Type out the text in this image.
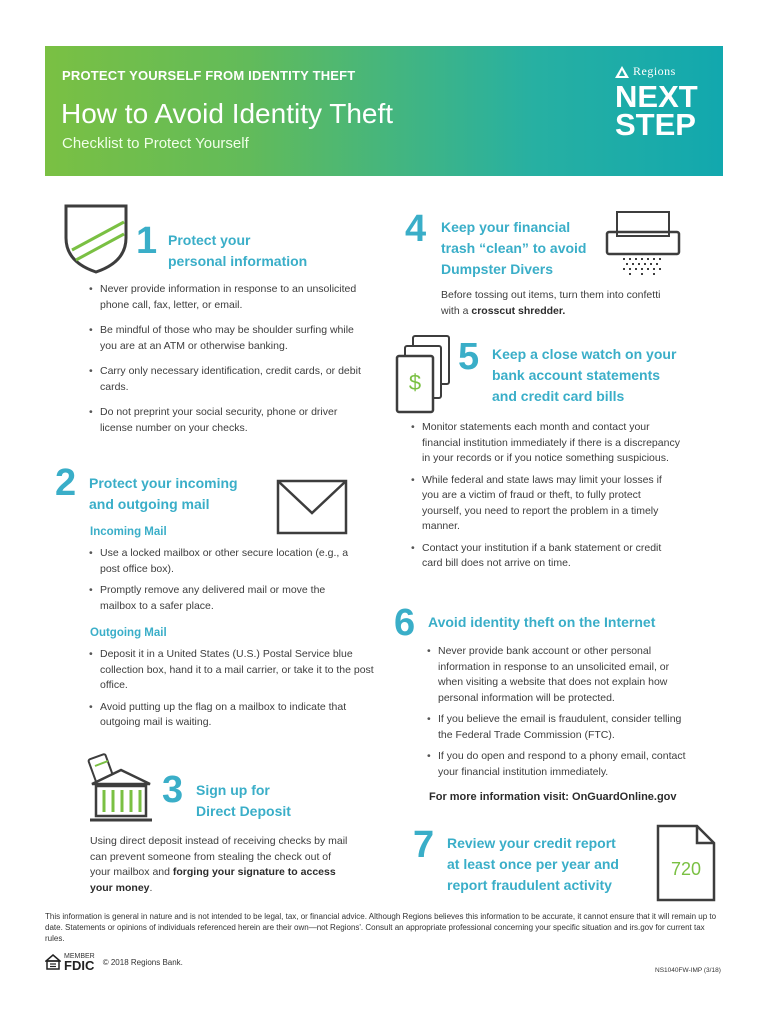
PROTECT YOURSELF FROM IDENTITY THEFT
How to Avoid Identity Theft
Checklist to Protect Yourself
Regions
NEXT
STEP
1 Protect your
personal information
• Never provide information in response to an unsolicited phone call, fax, letter, or email.
• Be mindful of those who may be shoulder surfing while you are at an ATM or otherwise banking.
• Carry only necessary identification, credit cards, or debit cards.
• Do not preprint your social security, phone or driver license number on your checks.
2 Protect your incoming
and outgoing mail
Incoming Mail
• Use a locked mailbox or other secure location (e.g., a post office box).
• Promptly remove any delivered mail or move the mailbox to a safer place.
Outgoing Mail
• Deposit it in a United States (U.S.) Postal Service blue collection box, hand it to a mail carrier, or take it to the post office.
• Avoid putting up the flag on a mailbox to indicate that outgoing mail is waiting.
3 Sign up for
Direct Deposit
Using direct deposit instead of receiving checks by mail can prevent someone from stealing the check out of your mailbox and forging your signature to access your money.
4 Keep your financial
trash “clean” to avoid
Dumpster Divers
Before tossing out items, turn them into confetti with a crosscut shredder.
$
5 Keep a close watch on your
bank account statements
and credit card bills
• Monitor statements each month and contact your financial institution immediately if there is a discrepancy in your records or if you notice something suspicious.
• While federal and state laws may limit your losses if you are a victim of fraud or theft, to fully protect yourself, you need to report the problem in a timely manner.
• Contact your institution if a bank statement or credit card bill does not arrive on time.
6 Avoid identity theft on the Internet
• Never provide bank account or other personal information in response to an unsolicited email, or when visiting a website that does not explain how personal information will be protected.
• If you believe the email is fraudulent, consider telling the Federal Trade Commission (FTC).
• If you do open and respond to a phony email, contact your financial institution immediately.
For more information visit: OnGuardOnline.gov
7 Review your credit report
at least once per year and
report fraudulent activity
720
This information is general in nature and is not intended to be legal, tax, or financial advice. Although Regions believes this information to be accurate, it cannot ensure that it will remain up to date. Statements or opinions of individuals referenced herein are their own—not Regions'. Consult an appropriate professional concerning your specific situation and irs.gov for current tax rules.
MEMBER
FDIC © 2018 Regions Bank.
NS1040FW-IMP (3/18)
